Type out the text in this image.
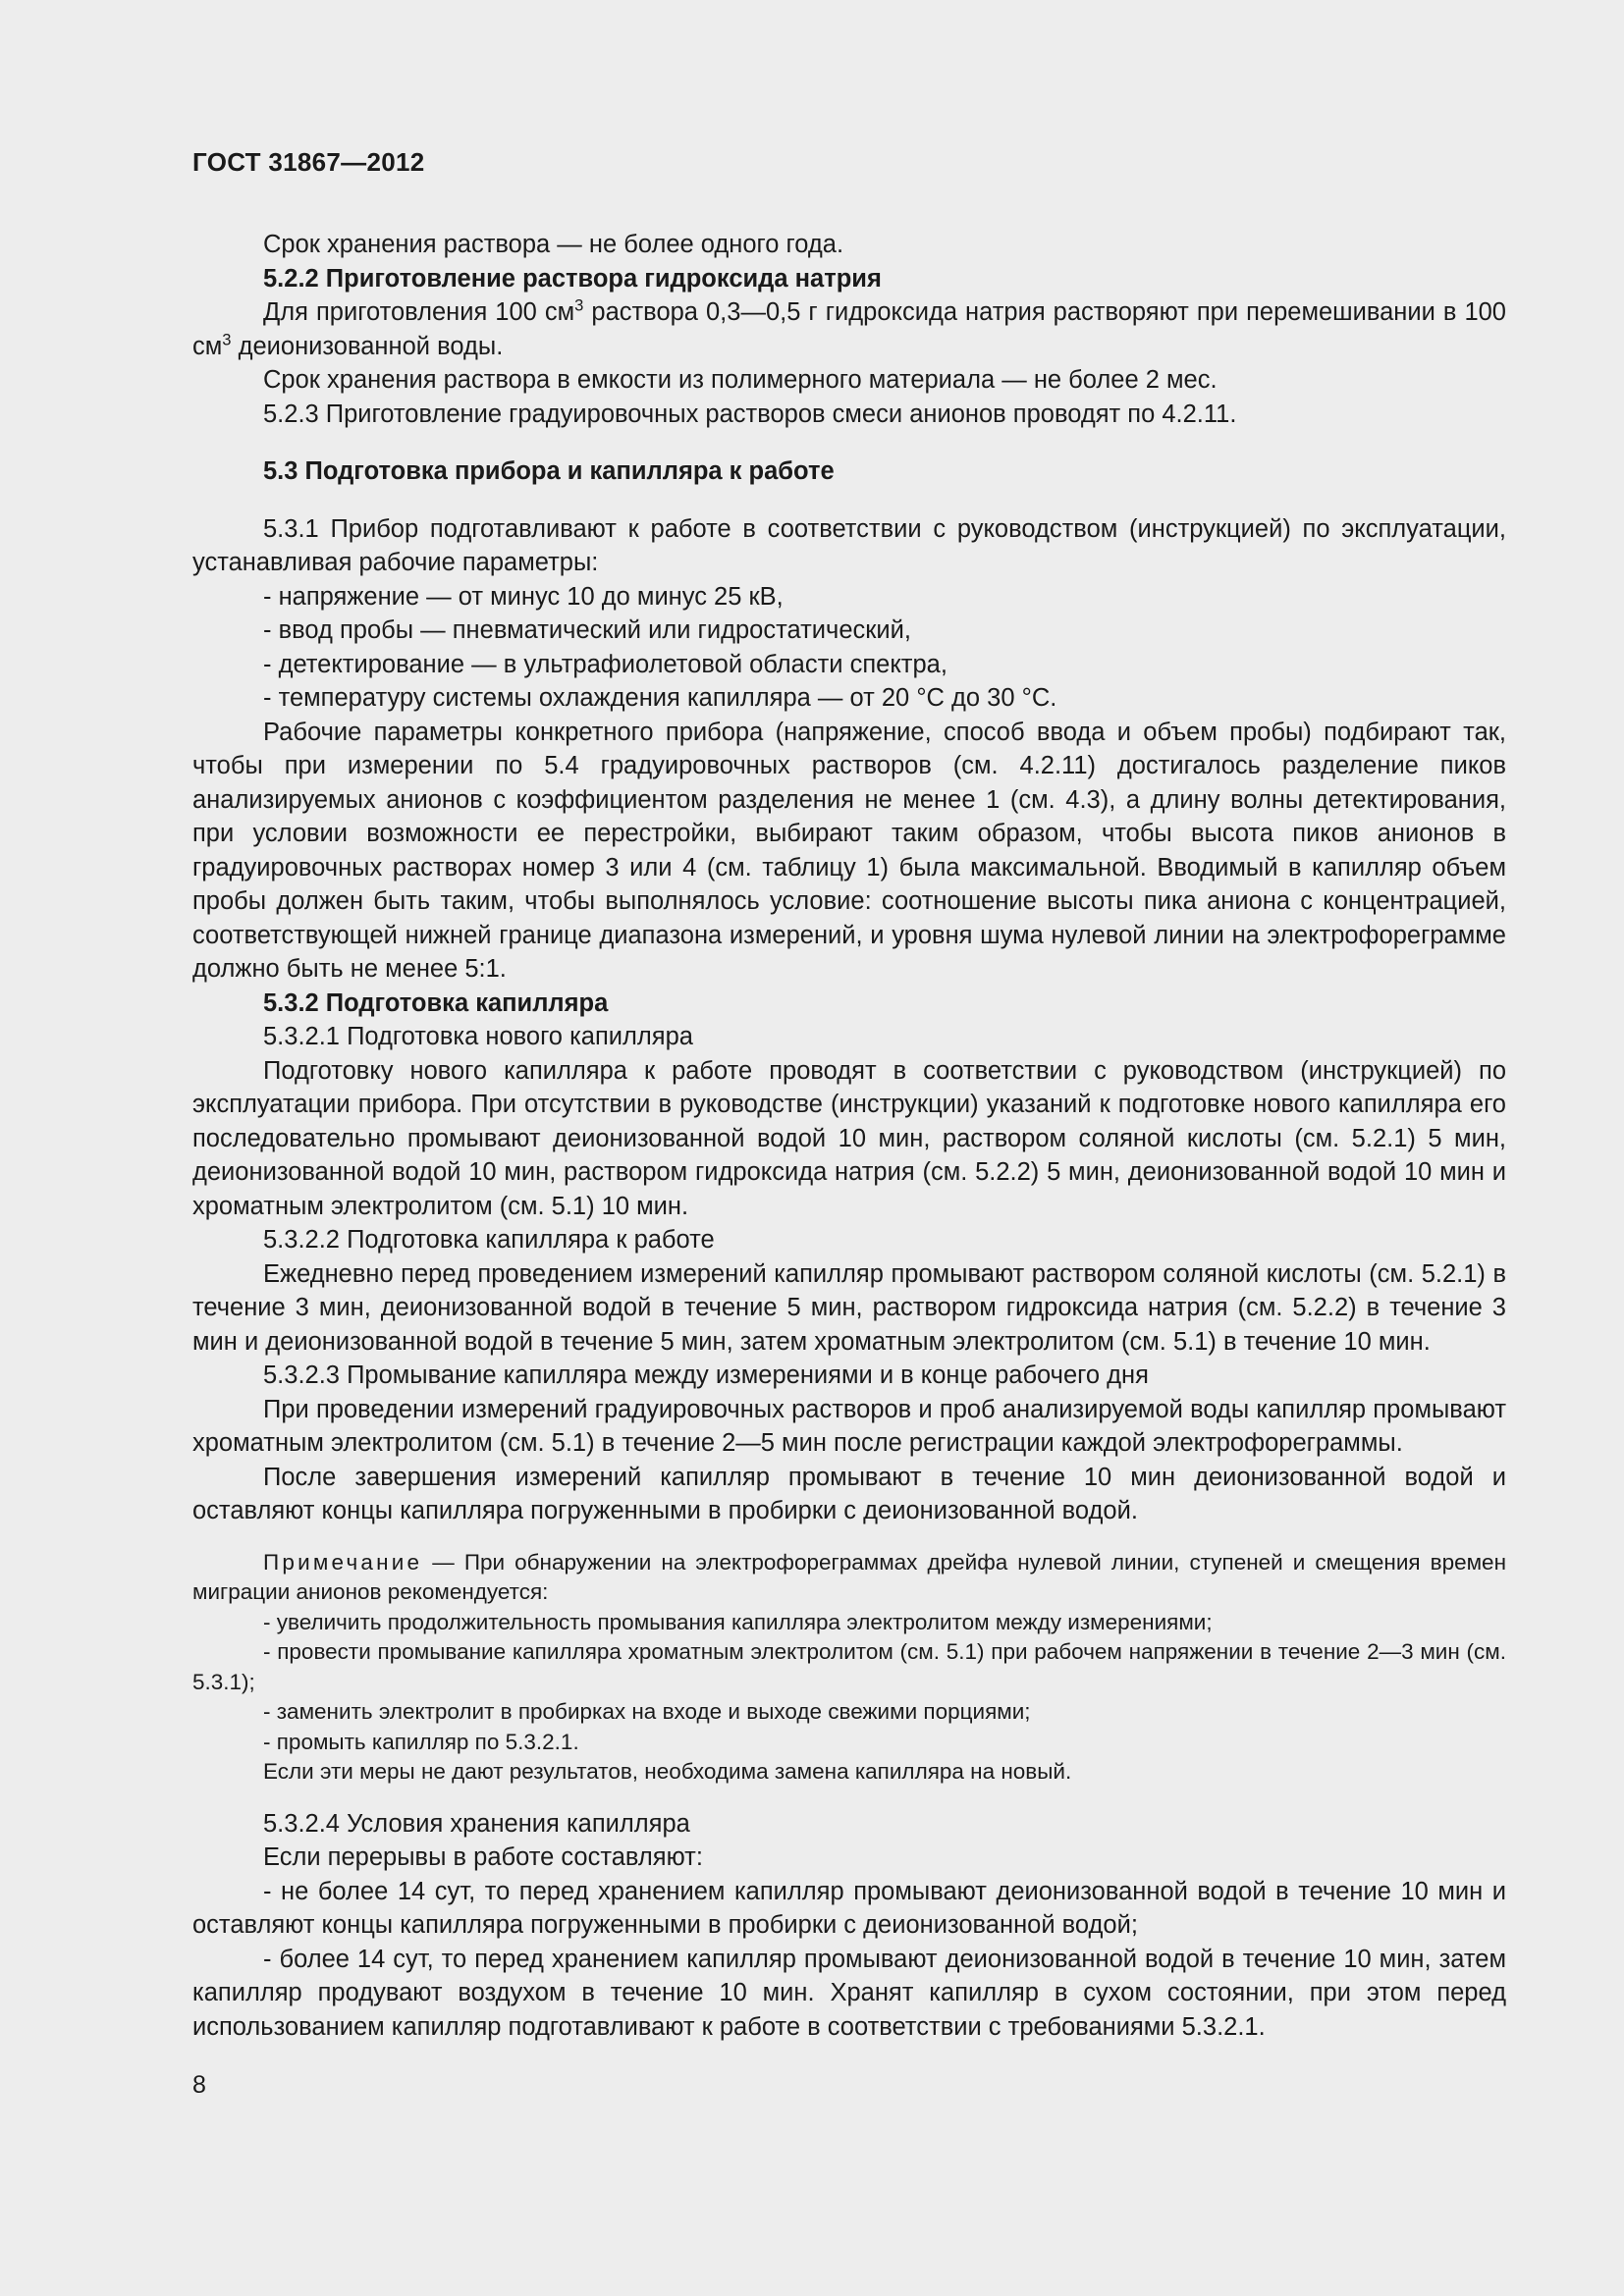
ГОСТ 31867—2012

Срок хранения раствора — не более одного года.

5.2.2 Приготовление раствора гидроксида натрия

Для приготовления 100 $см^3$ раствора 0,3—0,5 г гидроксида натрия растворяют при перемешивании в 100 $см^3$ деионизованной воды.

Срок хранения раствора в емкости из полимерного материала — не более 2 мес.

5.2.3 Приготовление градуировочных растворов смеси анионов проводят по 4.2.11.

5.3 Подготовка прибора и капилляра к работе

5.3.1 Прибор подготавливают к работе в соответствии с руководством (инструкцией) по эксплуатации, устанавливая рабочие параметры:

- напряжение — от минус 10 до минус 25 кВ,

- ввод пробы — пневматический или гидростатический,

- детектирование — в ультрафиолетовой области спектра,

- температуру системы охлаждения капилляра — от 20 °С до 30 °С.

Рабочие параметры конкретного прибора (напряжение, способ ввода и объем пробы) подбирают так, чтобы при измерении по 5.4 градуировочных растворов (см. 4.2.11) достигалось разделение пиков анализируемых анионов с коэффициентом разделения не менее 1 (см. 4.3), а длину волны детектирования, при условии возможности ее перестройки, выбирают таким образом, чтобы высота пиков анионов в градуировочных растворах номер 3 или 4 (см. таблицу 1) была максимальной. Вводимый в капилляр объем пробы должен быть таким, чтобы выполнялось условие: соотношение высоты пика аниона с концентрацией, соответствующей нижней границе диапазона измерений, и уровня шума нулевой линии на электрофореграмме должно быть не менее 5:1.

5.3.2 Подготовка капилляра

5.3.2.1 Подготовка нового капилляра

Подготовку нового капилляра к работе проводят в соответствии с руководством (инструкцией) по эксплуатации прибора. При отсутствии в руководстве (инструкции) указаний к подготовке нового капилляра его последовательно промывают деионизованной водой 10 мин, раствором соляной кислоты (см. 5.2.1) 5 мин, деионизованной водой 10 мин, раствором гидроксида натрия (см. 5.2.2) 5 мин, деионизованной водой 10 мин и хроматным электролитом (см. 5.1) 10 мин.

5.3.2.2 Подготовка капилляра к работе

Ежедневно перед проведением измерений капилляр промывают раствором соляной кислоты (см. 5.2.1) в течение 3 мин, деионизованной водой в течение 5 мин, раствором гидроксида натрия (см. 5.2.2) в течение 3 мин и деионизованной водой в течение 5 мин, затем хроматным электролитом (см. 5.1) в течение 10 мин.

5.3.2.3 Промывание капилляра между измерениями и в конце рабочего дня

При проведении измерений градуировочных растворов и проб анализируемой воды капилляр промывают хроматным электролитом (см. 5.1) в течение 2—5 мин после регистрации каждой электрофореграммы.

После завершения измерений капилляр промывают в течение 10 мин деионизованной водой и оставляют концы капилляра погруженными в пробирки с деионизованной водой.

Примечание — При обнаружении на электрофореграммах дрейфа нулевой линии, ступеней и смещения времен миграции анионов рекомендуется:

- увеличить продолжительность промывания капилляра электролитом между измерениями;

- провести промывание капилляра хроматным электролитом (см. 5.1) при рабочем напряжении в течение 2—3 мин (см. 5.3.1);

- заменить электролит в пробирках на входе и выходе свежими порциями;

- промыть капилляр по 5.3.2.1.

Если эти меры не дают результатов, необходима замена капилляра на новый.

5.3.2.4 Условия хранения капилляра

Если перерывы в работе составляют:

- не более 14 сут, то перед хранением капилляр промывают деионизованной водой в течение 10 мин и оставляют концы капилляра погруженными в пробирки с деионизованной водой;

- более 14 сут, то перед хранением капилляр промывают деионизованной водой в течение 10 мин, затем капилляр продувают воздухом в течение 10 мин. Хранят капилляр в сухом состоянии, при этом перед использованием капилляр подготавливают к работе в соответствии с требованиями 5.3.2.1.

8
